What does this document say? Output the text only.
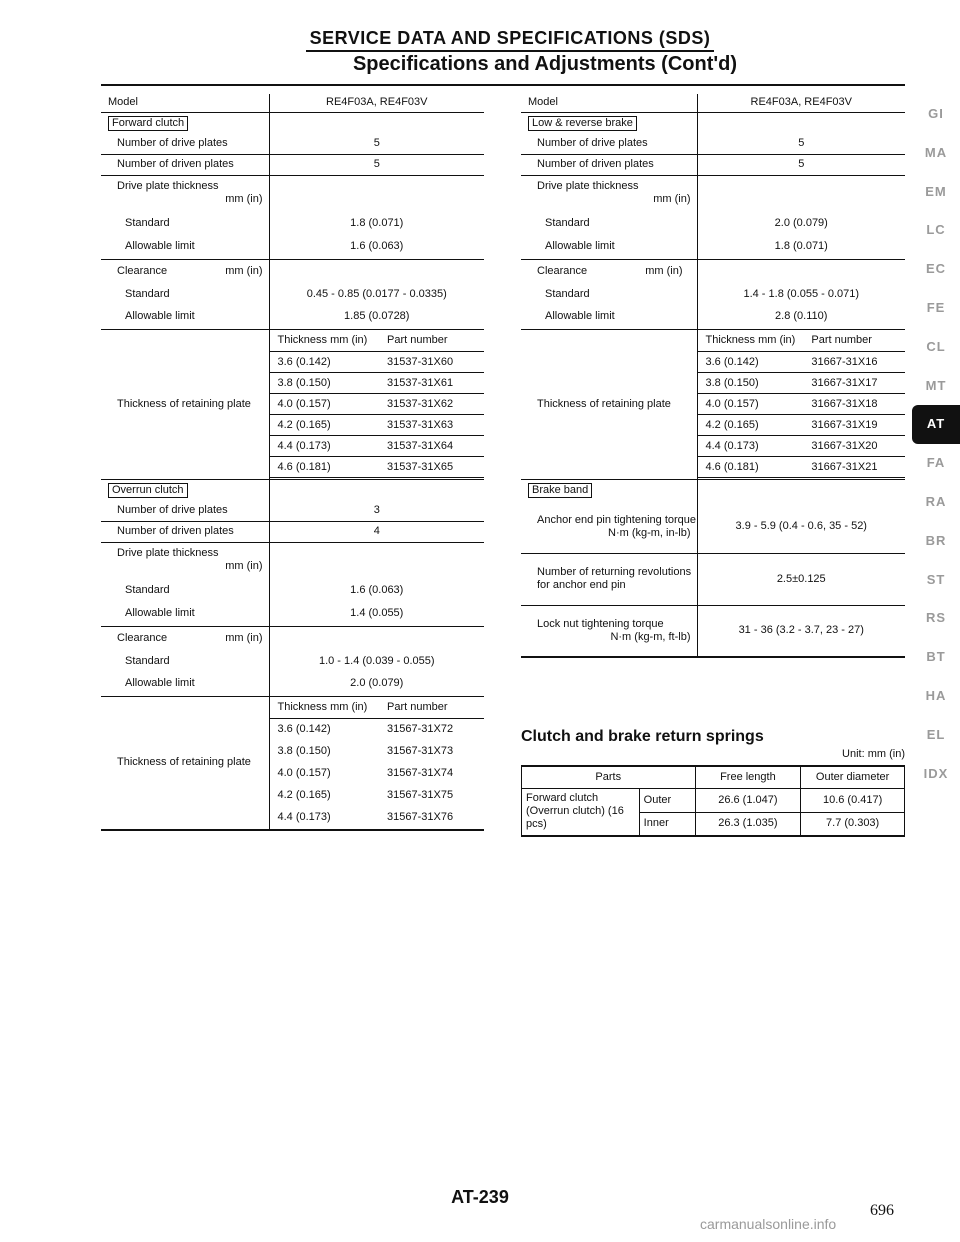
SERVICE DATA AND SPECIFICATIONS (SDS)
Specifications and Adjustments (Cont'd)
Model	RE4F03A, RE4F03V
Forward clutch	
Number of drive plates	5
Number of driven plates	5
Drive plate thickness
mm (in)

Standard	1.8 (0.071)
Allowable limit	1.6 (0.063)
Clearance	mm (in)

Standard	0.45 - 0.85 (0.0177 - 0.0335)
Allowable limit	1.85 (0.0728)
Thickness of retaining plate	
Thickness mm (in)	Part number
3.6 (0.142)	31537-31X60
3.8 (0.150)	31537-31X61
4.0 (0.157)	31537-31X62
4.2 (0.165)	31537-31X63
4.4 (0.173)	31537-31X64
4.6 (0.181)	31537-31X65

Overrun clutch	
Number of drive plates	3
Number of driven plates	4
Drive plate thickness
mm (in)

Standard	1.6 (0.063)
Allowable limit	1.4 (0.055)
Clearance	mm (in)

Standard	1.0 - 1.4 (0.039 - 0.055)
Allowable limit	2.0 (0.079)
Thickness of retaining plate	
Thickness mm (in)	Part number
3.6 (0.142)	31567-31X72
3.8 (0.150)	31567-31X73
4.0 (0.157)	31567-31X74
4.2 (0.165)	31567-31X75
4.4 (0.173)	31567-31X76
Model	RE4F03A, RE4F03V
Low & reverse brake	
Number of drive plates	5
Number of driven plates	5
Drive plate thickness
mm (in)

Standard	2.0 (0.079)
Allowable limit	1.8 (0.071)
Clearance	mm (in)

Standard	1.4 - 1.8 (0.055 - 0.071)
Allowable limit	2.8 (0.110)
Thickness of retaining plate	
Thickness mm (in)	Part number
3.6 (0.142)	31667-31X16
3.8 (0.150)	31667-31X17
4.0 (0.157)	31667-31X18
4.2 (0.165)	31667-31X19
4.4 (0.173)	31667-31X20
4.6 (0.181)	31667-31X21

Brake band	
Anchor end pin tightening torque
N·m (kg-m, in-lb)
	3.9 - 5.9 (0.4 - 0.6, 35 - 52)
Number of returning revolutions for anchor end pin	2.5±0.125
Lock nut tightening torque
N·m (kg-m, ft-lb)
	31 - 36 (3.2 - 3.7, 23 - 27)
Clutch and brake return springs
Unit: mm (in)
Parts		Free length	Outer diameter
Forward clutch (Overrun clutch) (16 pcs)	Outer	26.6 (1.047)	10.6 (0.417)
	Inner	26.3 (1.035)	7.7 (0.303)
GI
MA
EM
LC
EC
FE
CL
MT
AT
FA
RA
BR
ST
RS
BT
HA
EL
IDX
AT-239
696
carmanualsonline.info
